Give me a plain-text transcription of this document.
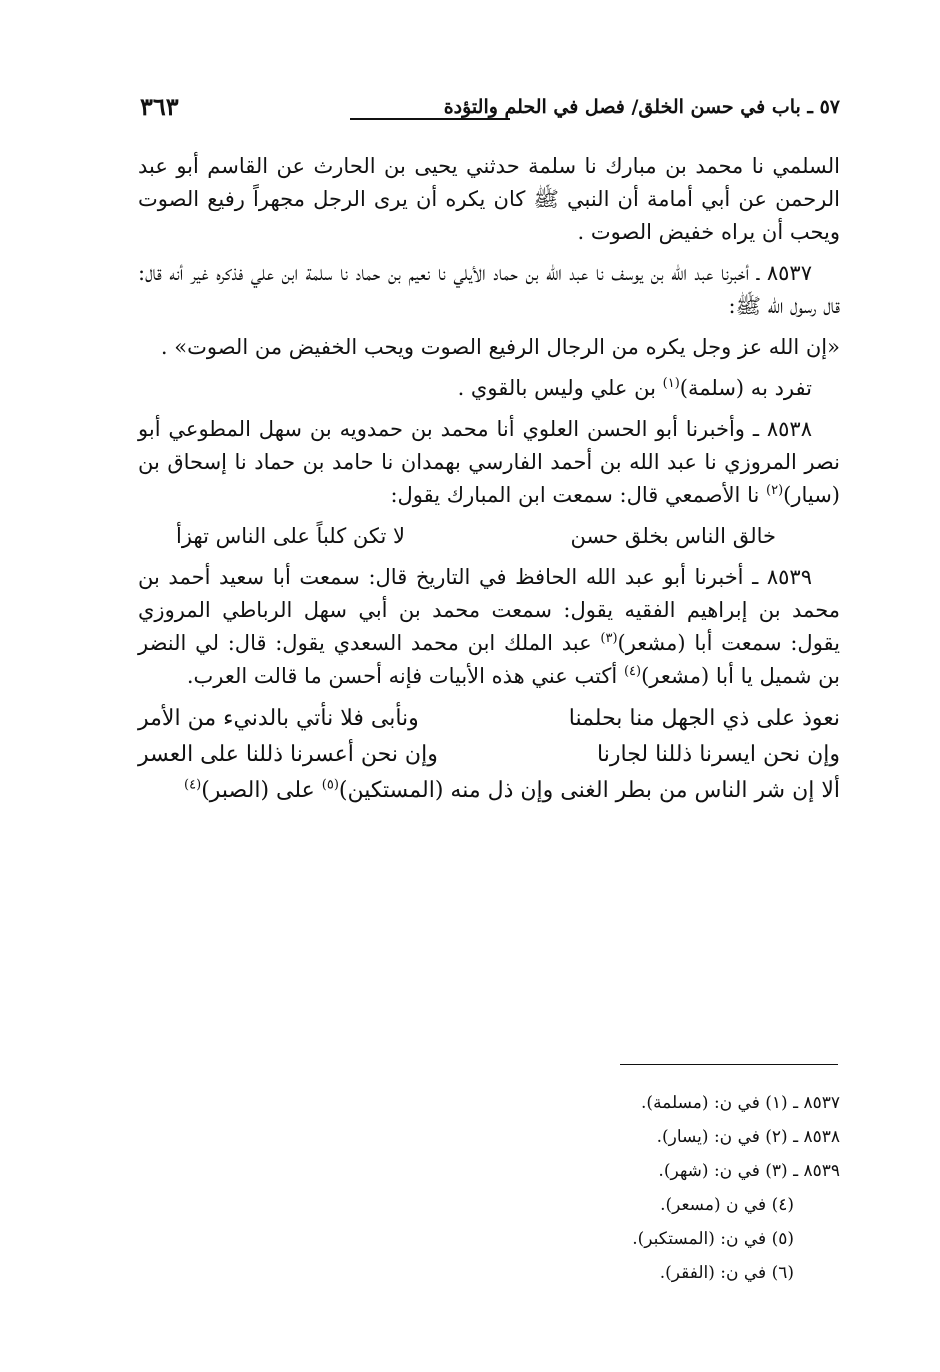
٥٧ ـ باب في حسن الخلق/ فصل في الحلم والتؤدة
٣٦٣

السلمي نا محمد بن مبارك نا سلمة حدثني يحيى بن الحارث عن القاسم أبو عبد الرحمن عن أبي أمامة أن النبي ﷺ كان يكره أن يرى الرجل مجهراً رفيع الصوت ويحب أن يراه خفيض الصوت .

٨٥٣٧ ـ أخبرنا عبد الله بن يوسف نا عبد الله بن حماد الأيلي نا نعيم بن حماد نا سلمة ابن علي فذكره غير أنه قال: قال رسول الله ﷺ:

«إن الله عز وجل يكره من الرجال الرفيع الصوت ويحب الخفيض من الصوت» .

تفرد به (سلمة)$^{(١)}$ بن علي وليس بالقوي .

٨٥٣٨ ـ وأخبرنا أبو الحسن العلوي أنا محمد بن حمدويه بن سهل المطوعي أبو نصر المروزي نا عبد الله بن أحمد الفارسي بهمدان نا حامد بن حماد نا إسحاق بن (سيار)$^{(٢)}$ نا الأصمعي قال: سمعت ابن المبارك يقول:

خالق الناس بخلق حسن
لا تكن كلباً على الناس تهزأ

٨٥٣٩ ـ أخبرنا أبو عبد الله الحافظ في التاريخ قال: سمعت أبا سعيد أحمد بن محمد بن إبراهيم الفقيه يقول: سمعت محمد بن أبي سهل الرباطي المروزي يقول: سمعت أبا (مشعر)$^{(٣)}$ عبد الملك ابن محمد السعدي يقول: قال: لي النضر بن شميل يا أبا (مشعر)$^{(٤)}$ أكتب عني هذه الأبيات فإنه أحسن ما قالت العرب.

نعوذ على ذي الجهل منا بحلمنا
ونأبى فلا نأتي بالدنيء من الأمر
وإن نحن ايسرنا ذللنا لجارنا
وإن نحن أعسرنا ذللنا على العسر
ألا إن شر الناس من بطر الغنى وإن ذل منه (المستكين)$^{(٥)}$ على (الصبر)$^{(٤)}$
٨٥٣٧ ـ (١) في ن: (مسلمة).
٨٥٣٨ ـ (٢) في ن: (يسار).
٨٥٣٩ ـ (٣) في ن: (شهر).
(٤) في ن (مسعر).
(٥) في ن: (المستكبر).
(٦) في ن: (الفقر).
